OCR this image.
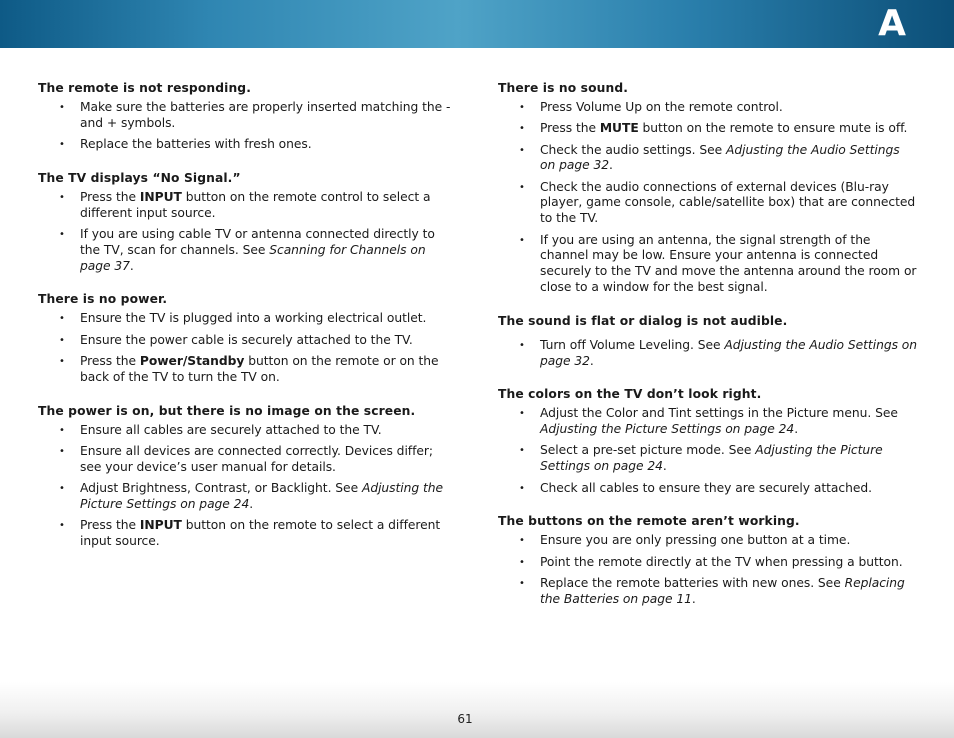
A
The remote is not responding.
• Make sure the batteries are properly inserted matching the - and + symbols.
• Replace the batteries with fresh ones.
The TV displays “No Signal.”
• Press the INPUT button on the remote control to select a different input source.
• If you are using cable TV or antenna connected directly to the TV, scan for channels. See Scanning for Channels on page 37.
There is no power.
• Ensure the TV is plugged into a working electrical outlet.
• Ensure the power cable is securely attached to the TV.
• Press the Power/Standby button on the remote or on the back of the TV to turn the TV on.
The power is on, but there is no image on the screen.
• Ensure all cables are securely attached to the TV.
• Ensure all devices are connected correctly. Devices differ; see your device’s user manual for details.
• Adjust Brightness, Contrast, or Backlight. See Adjusting the Picture Settings on page 24.
• Press the INPUT button on the remote to select a different input source.
There is no sound.
• Press Volume Up on the remote control.
• Press the MUTE button on the remote to ensure mute is off.
• Check the audio settings. See Adjusting the Audio Settings on page 32.
• Check the audio connections of external devices (Blu-ray player, game console, cable/satellite box) that are connected to the TV.
• If you are using an antenna, the signal strength of the channel may be low. Ensure your antenna is connected securely to the TV and move the antenna around the room or close to a window for the best signal.
The sound is flat or dialog is not audible.
• Turn off Volume Leveling. See Adjusting the Audio Settings on page 32.
The colors on the TV don’t look right.
• Adjust the Color and Tint settings in the Picture menu. See Adjusting the Picture Settings on page 24.
• Select a pre-set picture mode. See Adjusting the Picture Settings on page 24.
• Check all cables to ensure they are securely attached.
The buttons on the remote aren’t working.
• Ensure you are only pressing one button at a time.
• Point the remote directly at the TV when pressing a button.
• Replace the remote batteries with new ones. See Replacing the Batteries on page 11.
61
